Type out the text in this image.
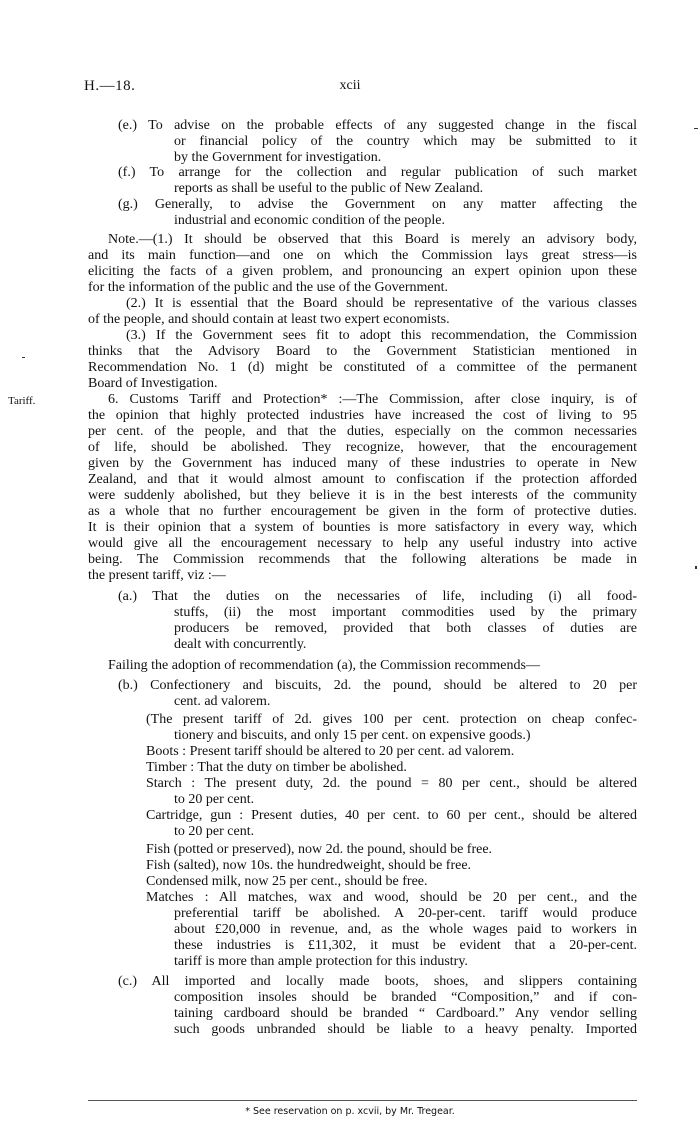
H.—18.	xcii
Tariff.
(e.) To advise on the probable effects of any suggested change in the fiscal
or financial policy of the country which may be submitted to it
by the Government for investigation.
(f.) To arrange for the collection and regular publication of such market
reports as shall be useful to the public of New Zealand.
(g.) Generally, to advise the Government on any matter affecting the
industrial and economic condition of the people.
Note.—(1.) It should be observed that this Board is merely an advisory body,
and its main function—and one on which the Commission lays great stress—is
eliciting the facts of a given problem, and pronouncing an expert opinion upon these
for the information of the public and the use of the Government.
(2.) It is essential that the Board should be representative of the various classes
of the people, and should contain at least two expert economists.
(3.) If the Government sees fit to adopt this recommendation, the Commission
thinks that the Advisory Board to the Government Statistician mentioned in
Recommendation No. 1 (d) might be constituted of a committee of the permanent
Board of Investigation.
6. Customs Tariff and Protection* :—The Commission, after close inquiry, is of
the opinion that highly protected industries have increased the cost of living to 95
per cent. of the people, and that the duties, especially on the common necessaries
of life, should be abolished. They recognize, however, that the encouragement
given by the Government has induced many of these industries to operate in New
Zealand, and that it would almost amount to confiscation if the protection afforded
were suddenly abolished, but they believe it is in the best interests of the community
as a whole that no further encouragement be given in the form of protective duties.
It is their opinion that a system of bounties is more satisfactory in every way, which
would give all the encouragement necessary to help any useful industry into active
being. The Commission recommends that the following alterations be made in
the present tariff, viz :—
(a.) That the duties on the necessaries of life, including (i) all food-
stuffs, (ii) the most important commodities used by the primary
producers be removed, provided that both classes of duties are
dealt with concurrently.
Failing the adoption of recommendation (a), the Commission recommends—
(b.) Confectionery and biscuits, 2d. the pound, should be altered to 20 per
cent. ad valorem.
(The present tariff of 2d. gives 100 per cent. protection on cheap confec-
tionery and biscuits, and only 15 per cent. on expensive goods.)
Boots : Present tariff should be altered to 20 per cent. ad valorem.
Timber : That the duty on timber be abolished.
Starch : The present duty, 2d. the pound = 80 per cent., should be altered
to 20 per cent.
Cartridge, gun : Present duties, 40 per cent. to 60 per cent., should be altered
to 20 per cent.
Fish (potted or preserved), now 2d. the pound, should be free.
Fish (salted), now 10s. the hundredweight, should be free.
Condensed milk, now 25 per cent., should be free.
Matches : All matches, wax and wood, should be 20 per cent., and the
preferential tariff be abolished. A 20-per-cent. tariff would produce
about £20,000 in revenue, and, as the whole wages paid to workers in
these industries is £11,302, it must be evident that a 20-per-cent.
tariff is more than ample protection for this industry.
(c.) All imported and locally made boots, shoes, and slippers containing
composition insoles should be branded “Composition,” and if con-
taining cardboard should be branded “ Cardboard.” Any vendor selling
such goods unbranded should be liable to a heavy penalty. Imported
* See reservation on p. xcvii, by Mr. Tregear.
